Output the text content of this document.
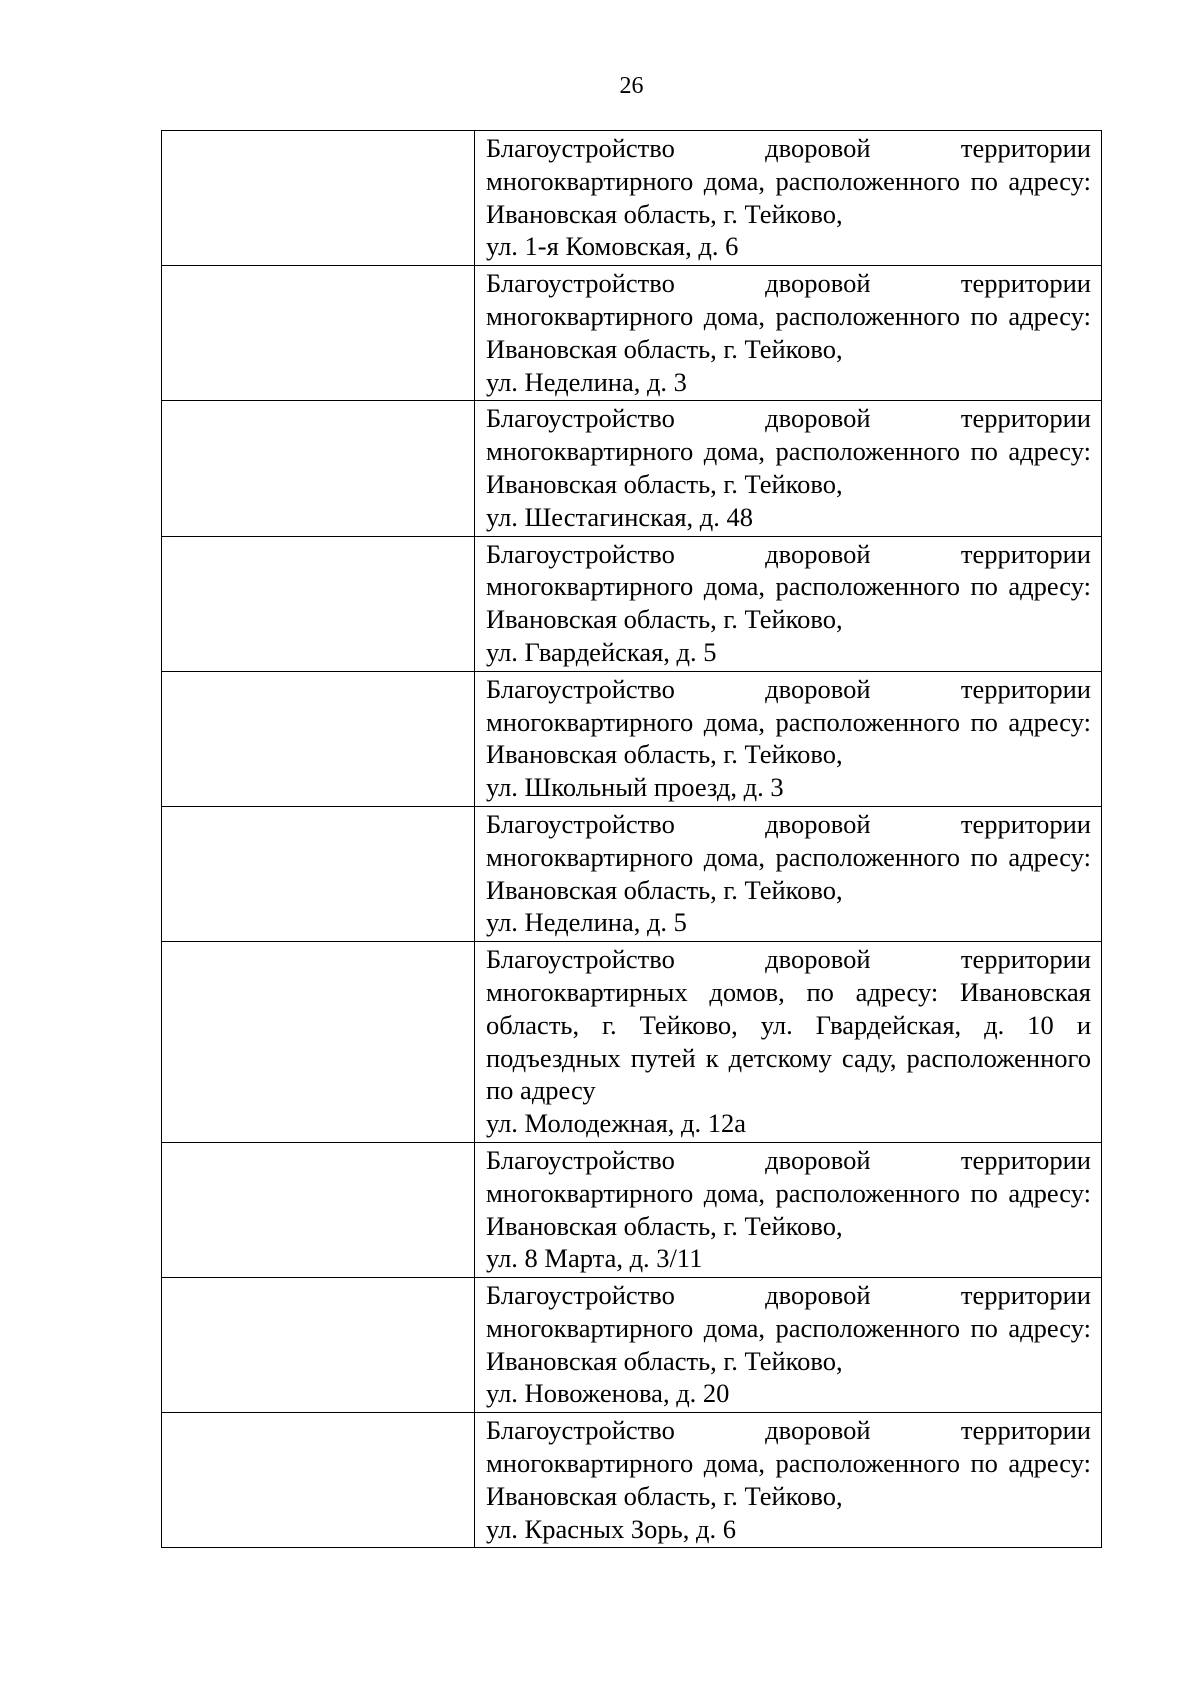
26

	Благоустройство дворовой территории многоквартирного дома, расположенного по адресу: Ивановская область, г. Тейково,
ул. 1-я Комовская, д. 6

	Благоустройство дворовой территории многоквартирного дома, расположенного по адресу: Ивановская область, г. Тейково,
ул. Неделина, д. 3

	Благоустройство дворовой территории многоквартирного дома, расположенного по адресу: Ивановская область, г. Тейково,
ул. Шестагинская, д. 48

	Благоустройство дворовой территории многоквартирного дома, расположенного по адресу: Ивановская область, г. Тейково,
ул. Гвардейская, д. 5

	Благоустройство дворовой территории многоквартирного дома, расположенного по адресу: Ивановская область, г. Тейково,
ул. Школьный проезд, д. 3

	Благоустройство дворовой территории многоквартирного дома, расположенного по адресу: Ивановская область, г. Тейково,
ул. Неделина, д. 5

	Благоустройство дворовой территории многоквартирных домов, по адресу: Ивановская область, г. Тейково, ул. Гвардейская, д. 10 и подъездных путей к детскому саду, расположенного по адресу
ул. Молодежная, д. 12а

	Благоустройство дворовой территории многоквартирного дома, расположенного по адресу: Ивановская область, г. Тейково,
ул. 8 Марта, д. 3/11

	Благоустройство дворовой территории многоквартирного дома, расположенного по адресу: Ивановская область, г. Тейково,
ул. Новоженова, д. 20

	Благоустройство дворовой территории многоквартирного дома, расположенного по адресу: Ивановская область, г. Тейково,
ул. Красных Зорь, д. 6
